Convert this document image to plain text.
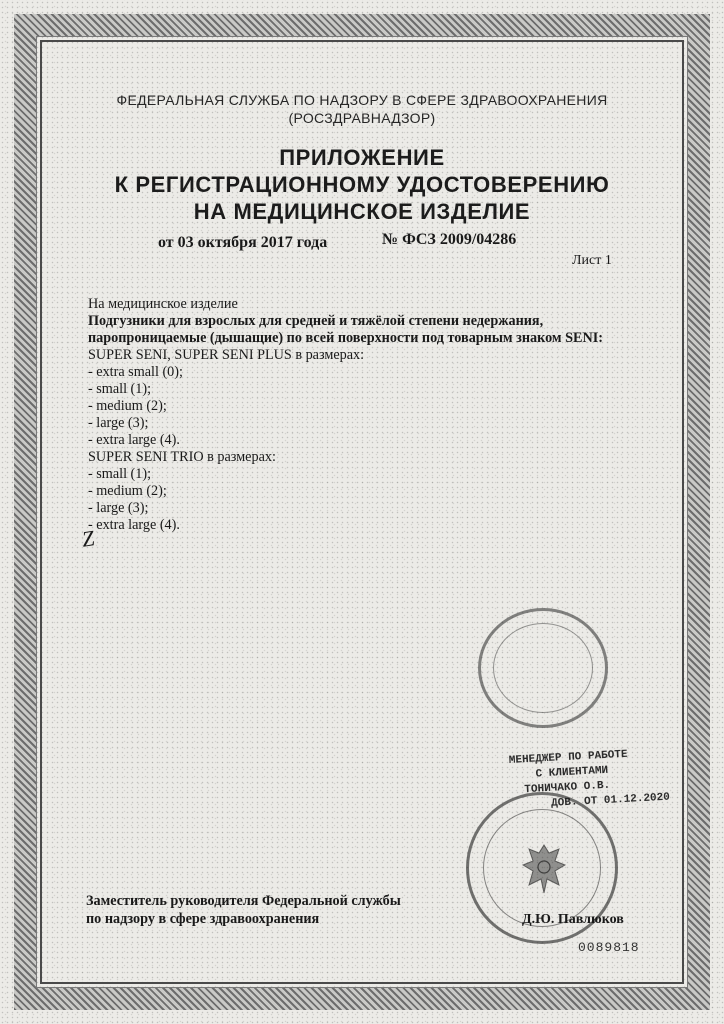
ФЕДЕРАЛЬНАЯ СЛУЖБА ПО НАДЗОРУ В СФЕРЕ ЗДРАВООХРАНЕНИЯ
(РОСЗДРАВНАДЗОР)
ПРИЛОЖЕНИЕ
К РЕГИСТРАЦИОННОМУ УДОСТОВЕРЕНИЮ
НА МЕДИЦИНСКОЕ ИЗДЕЛИЕ
от 03 октября 2017 года	№ ФСЗ 2009/04286
Лист 1
На медицинское изделие
Подгузники для взрослых для средней и тяжёлой степени недержания,
паропроницаемые (дышащие) по всей поверхности под товарным знаком SENI:
SUPER SENI, SUPER SENI PLUS в размерах:
- extra small (0);
- small (1);
- medium (2);
- large (3);
- extra large (4).
SUPER SENI TRIO в размерах:
- small (1);
- medium (2);
- large (3);
- extra large (4).
Z
МЕНЕДЖЕР ПО РАБОТЕ
С КЛИЕНТАМИ
ТОНИЧАКО О.В.
ДОВ. ОТ 01.12.2020
Заместитель руководителя Федеральной службы
по надзору в сфере здравоохранения	Д.Ю. Павлюков
0089818
